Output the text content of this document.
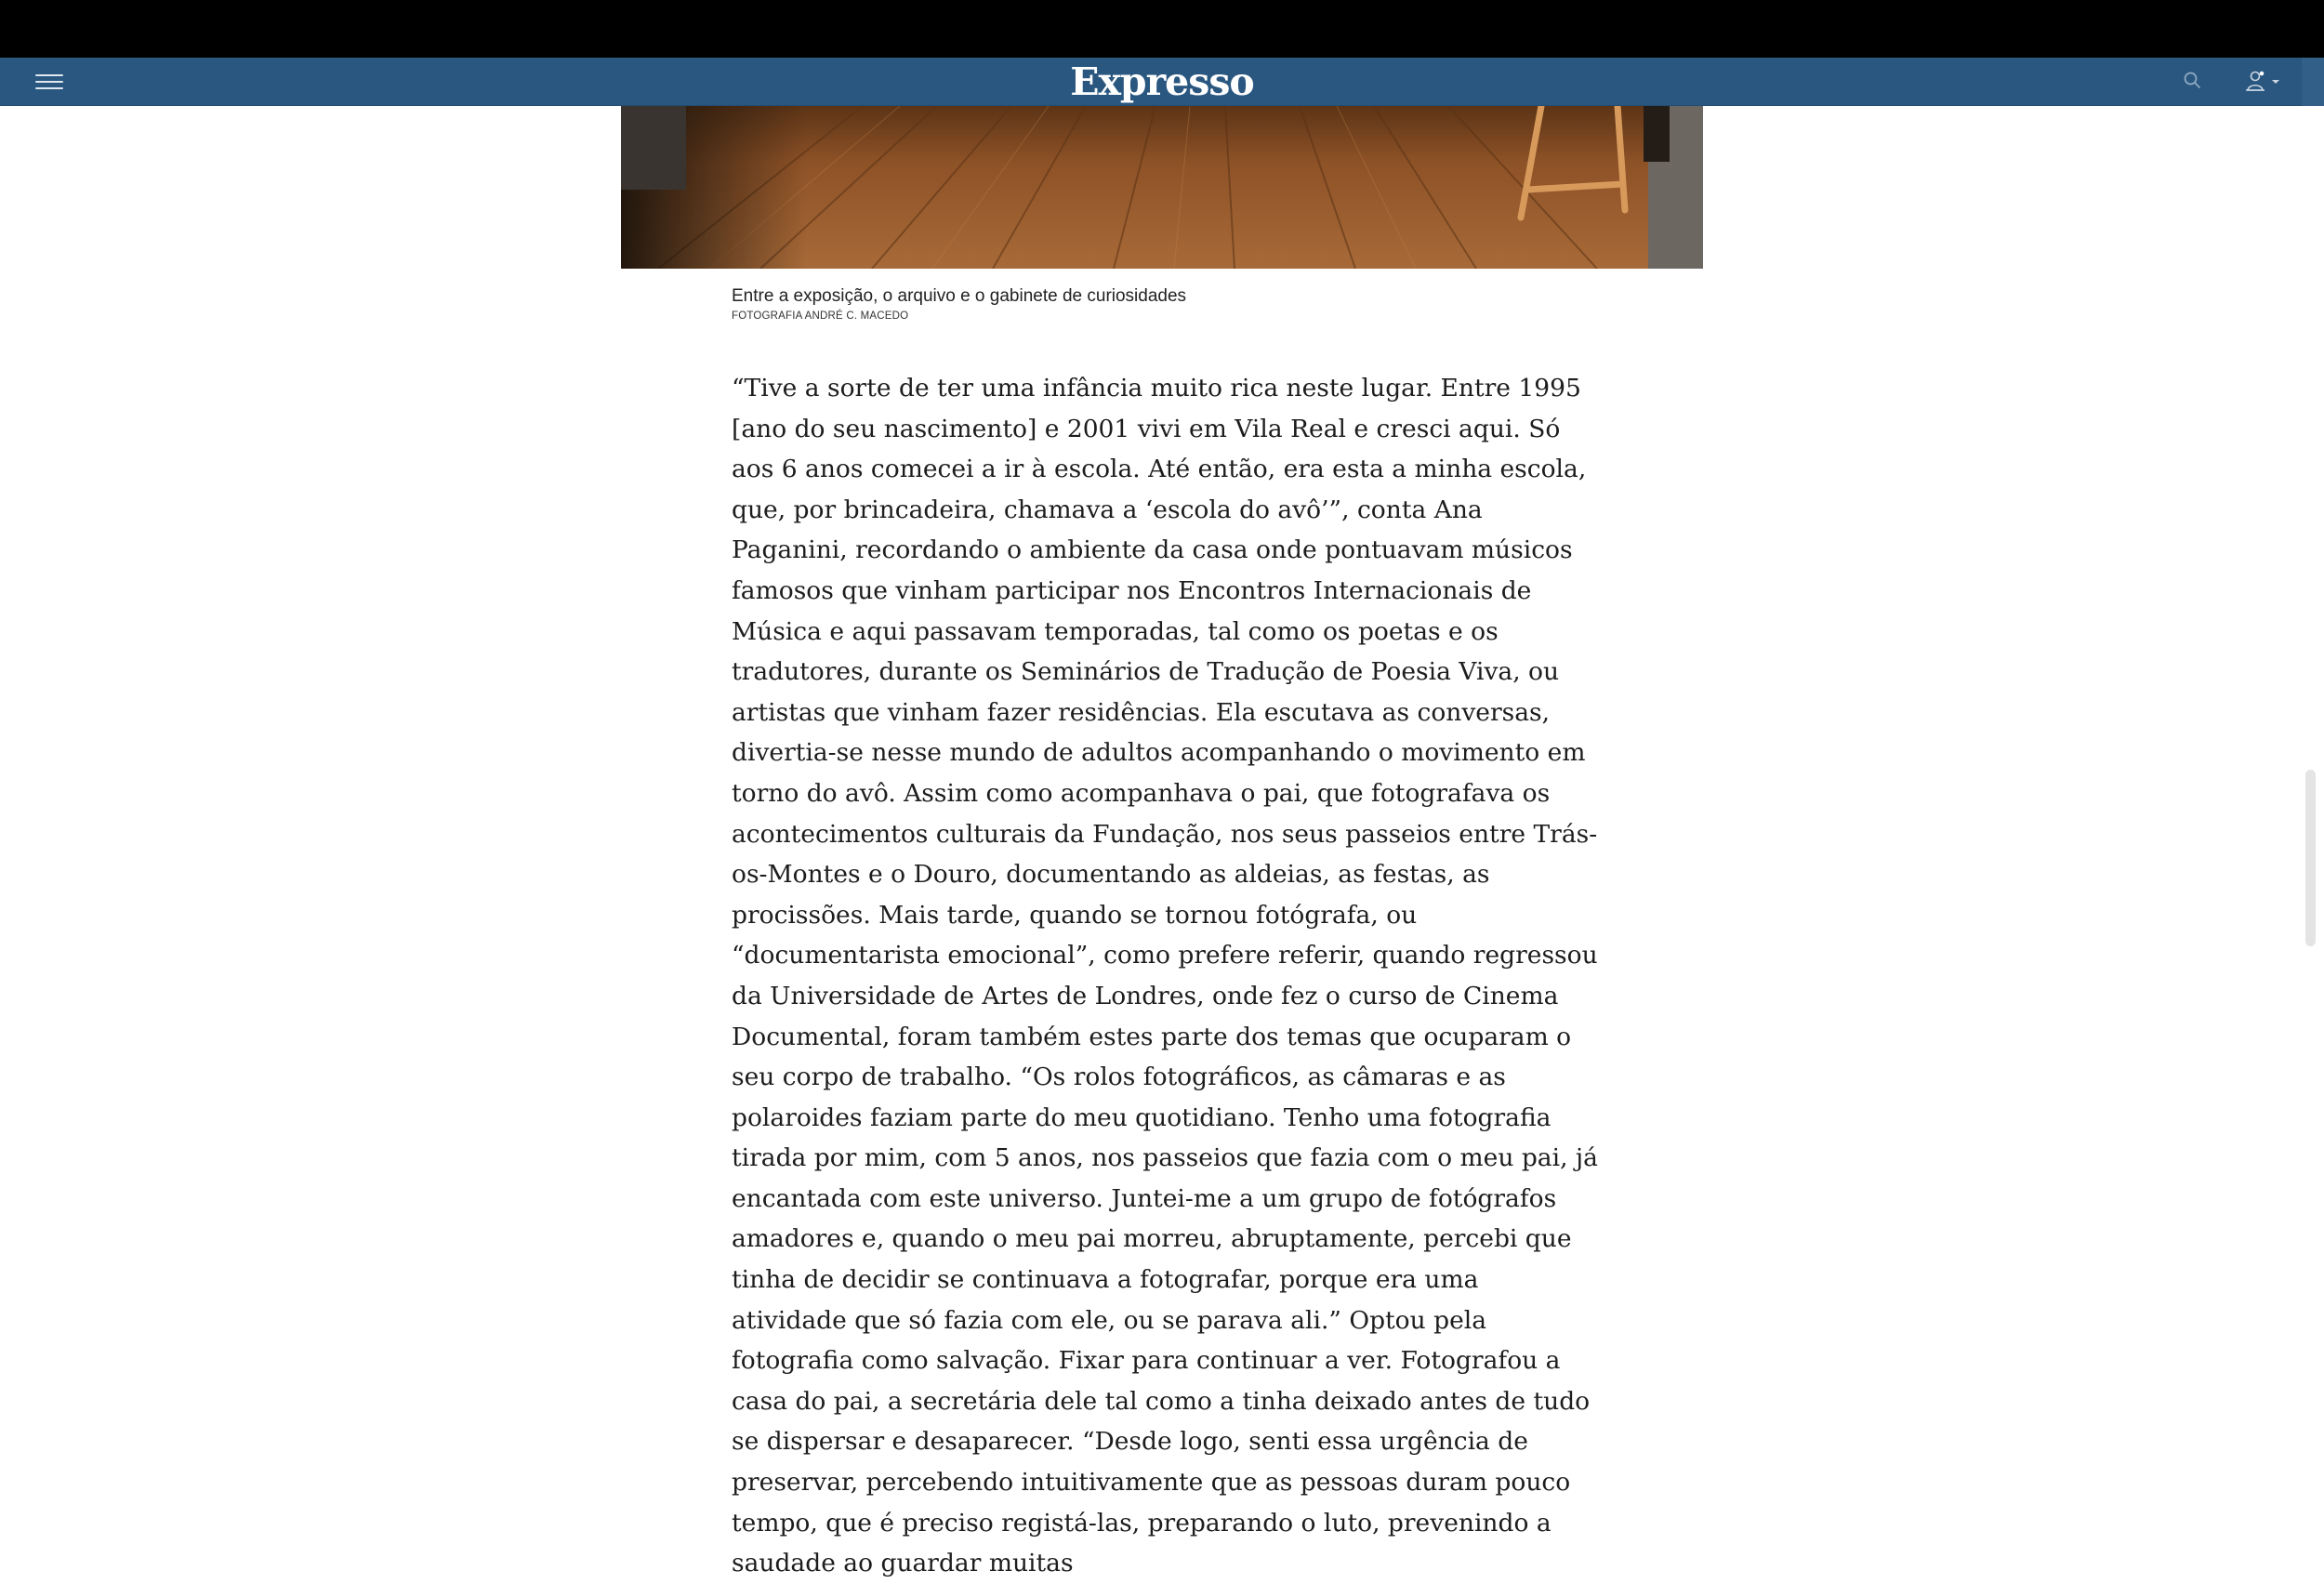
Expresso
Entre a exposição, o arquivo e o gabinete de curiosidades
FOTOGRAFIA ANDRÉ C. MACEDO

“Tive a sorte de ter uma infância muito rica neste lugar. Entre 1995 [ano do seu nascimento] e 2001 vivi em Vila Real e cresci aqui. Só aos 6 anos comecei a ir à escola. Até então, era esta a minha escola, que, por brincadeira, chamava a ‘escola do avô’”, conta Ana Paganini, recordando o ambiente da casa onde pontuavam músicos famosos que vinham participar nos Encontros Internacionais de Música e aqui passavam temporadas, tal como os poetas e os tradutores, durante os Seminários de Tradução de Poesia Viva, ou artistas que vinham fazer residências. Ela escutava as conversas, divertia-se nesse mundo de adultos acompanhando o movimento em torno do avô. Assim como acompanhava o pai, que fotografava os acontecimentos culturais da Fundação, nos seus passeios entre Trás-os-Montes e o Douro, documentando as aldeias, as festas, as procissões. Mais tarde, quando se tornou fotógrafa, ou “documentarista emocional”, como prefere referir, quando regressou da Universidade de Artes de Londres, onde fez o curso de Cinema Documental, foram também estes parte dos temas que ocuparam o seu corpo de trabalho. “Os rolos fotográficos, as câmaras e as polaroides faziam parte do meu quotidiano. Tenho uma fotografia tirada por mim, com 5 anos, nos passeios que fazia com o meu pai, já encantada com este universo. Juntei-me a um grupo de fotógrafos amadores e, quando o meu pai morreu, abruptamente, percebi que tinha de decidir se continuava a fotografar, porque era uma atividade que só fazia com ele, ou se parava ali.” Optou pela fotografia como salvação. Fixar para continuar a ver. Fotografou a casa do pai, a secretária dele tal como a tinha deixado antes de tudo se dispersar e desaparecer. “Desde logo, senti essa urgência de preservar, percebendo intuitivamente que as pessoas duram pouco tempo, que é preciso registá-las, preparando o luto, prevenindo a saudade ao guardar muitas
